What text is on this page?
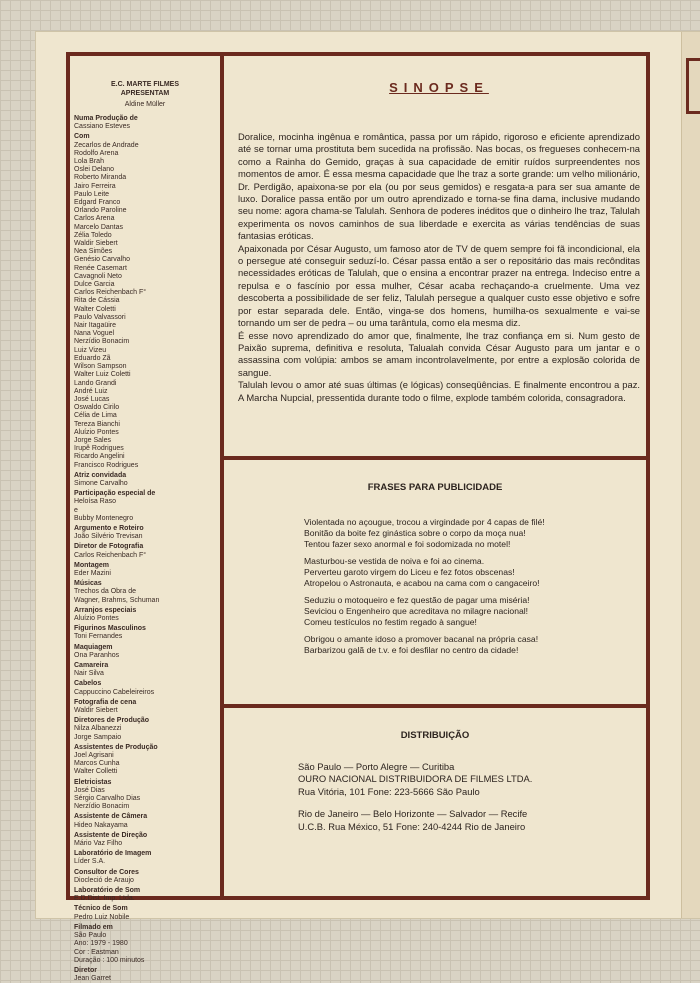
E.C. MARTE FILMES
APRESENTAM
Aldine Müller
Numa Produção de
Cassiano Esteves
Com
Zecarlos de Andrade
Rodolfo Arena
Lola Brah
Oslei Delano
Roberto Miranda
Jairo Ferreira
Paulo Leite
Edgard Franco
Orlando Paroline
Carlos Arena
Marcelo Dantas
Zélia Toledo
Waldir Siebert
Nea Simões
Genésio Carvalho
Renée Casemart
Cavagnoli Neto
Dulce Garcia
Carlos Reichenbach F°
Rita de Cássia
Walter Coletti
Paulo Valvassori
Nair Itagaüire
Nana Voguel
Nerzídio Bonacim
Luiz Vizeu
Eduardo Zã
Wilson Sampson
Walter Luiz Coletti
Lando Grandi
André Luiz
José Lucas
Oswaldo Cirilo
Célia de Lima
Tereza Bianchi
Aluízio Pontes
Jorge Sales
Irupê Rodrigues
Ricardo Angelini
Francisco Rodrigues
Atriz convidada
Simone Carvalho
Participação especial de
Heloísa Raso
e
Bubby Montenegro
Argumento e Roteiro
João Silvério Trevisan
Diretor de Fotografia
Carlos Reichenbach F°
Montagem
Eder Mazini
Músicas
Trechos da Obra de
Wagner, Brahms, Schuman
Arranjos especiais
Aluízio Pontes
Figurinos Masculinos
Toni Fernandes
Maquiagem
Ona Paranhos
Camareira
Nair Silva
Cabelos
Cappuccino Cabeleireiros
Fotografia de cena
Waldir Siebert
Diretores de Produção
Nilza Albanezzi
Jorge Sampaio
Assistentes de Produção
Joel Agrisani
Marcos Cunha
Walter Colletti
Eletricistas
José Dias
Sérgio Carvalho Dias
Nerzídio Bonacim
Assistente de Câmera
Hideo Nakayama
Assistente de Direção
Mário Vaz Filho
Laboratório de Imagem
Líder S.A.
Consultor de Cores
Diocleció de Araujo
Laboratório de Som
E.D.Dist. Imp. Ltda.
Técnico de Som
Pedro Luiz Nobile
Filmado em
São Paulo
Ano: 1979 - 1980
Cor : Eastman
Duração : 100 minutos
Diretor
Jean Garret
SINOPSE

Doralice, mocinha ingênua e romântica, passa por um rápido, rigoroso e eficiente aprendizado até se tornar uma prostituta bem sucedida na profissão. Nas bocas, os fregueses conhecem-na como a Rainha do Gemido, graças à sua capacidade de emitir ruídos surpreendentes nos momentos de amor. É essa mesma capacidade que lhe traz a sorte grande: um velho milionário, Dr. Perdigão, apaixona-se por ela (ou por seus gemidos) e resgata-a para ser sua amante de luxo. Doralice passa então por um outro aprendizado e torna-se fina dama, inclusive mudando seu nome: agora chama-se Talulah. Senhora de poderes inéditos que o dinheiro lhe traz, Talulah experimenta os novos caminhos de sua liberdade e exercita as várias tendências de suas fantasias eróticas.

Apaixonada por César Augusto, um famoso ator de TV de quem sempre foi fã incondicional, ela o persegue até conseguir seduzí-lo. César passa então a ser o repositário das mais recônditas necessidades eróticas de Talulah, que o ensina a encontrar prazer na entrega. Indeciso entre a repulsa e o fascínio por essa mulher, César acaba rechaçando-a cruelmente. Uma vez descoberta a possibilidade de ser feliz, Talulah persegue a qualquer custo esse objetivo e sofre por estar separada dele. Então, vinga-se dos homens, humilha-os sexualmente e vai-se tornando um ser de pedra – ou uma tarântula, como ela mesma diz.

É esse novo aprendizado do amor que, finalmente, lhe traz confiança em si. Num gesto de Paixão suprema, definitiva e resoluta, Talualah convida César Augusto para um jantar e o assassina com volúpia: ambos se amam incontrolavelmente, por entre a explosão colorida de sangue.

Talulah levou o amor até suas últimas (e lógicas) conseqüências. E finalmente encontrou a paz. A Marcha Nupcial, pressentida durante todo o filme, explode também colorida, consagradora.

FRASES PARA PUBLICIDADE
Violentada no açougue, trocou a virgindade por 4 capas de filé!
Bonitão da boite fez ginástica sobre o corpo da moça nua!
Tentou fazer sexo anormal e foi sodomizada no motel!
Masturbou-se vestida de noiva e foi ao cinema.
Perverteu garoto virgem do Liceu e fez fotos obscenas!
Atropelou o Astronauta, e acabou na cama com o cangaceiro!
Seduziu o motoqueiro e fez questão de pagar uma miséria!
Seviciou o Engenheiro que acreditava no milagre nacional!
Comeu testículos no festim regado à sangue!
Obrigou o amante idoso a promover bacanal na própria casa!
Barbarizou galã de t.v. e foi desfilar no centro da cidade!
DISTRIBUIÇÃO
São Paulo — Porto Alegre — Curitiba
OURO NACIONAL DISTRIBUIDORA DE FILMES LTDA.
Rua Vitória, 101 Fone: 223-5666 São Paulo
Rio de Janeiro — Belo Horizonte — Salvador — Recife
U.C.B. Rua México, 51 Fone: 240-4244 Rio de Janeiro
